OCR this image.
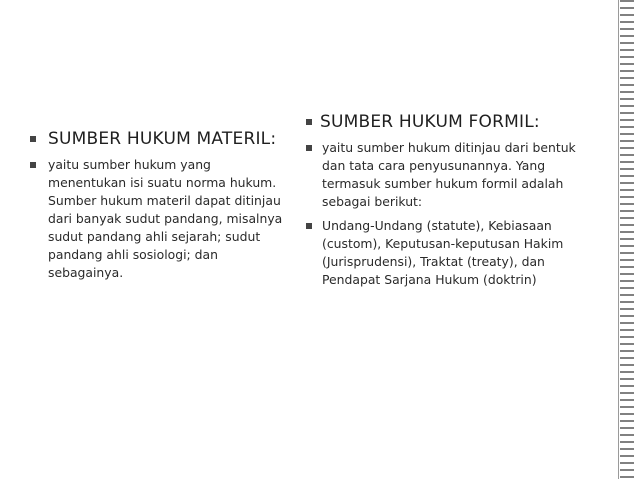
SUMBER HUKUM MATERIL:
yaitu sumber hukum yang menentukan isi suatu norma hukum. Sumber hukum materil dapat ditinjau dari banyak sudut pandang, misalnya sudut pandang ahli sejarah; sudut pandang ahli sosiologi; dan sebagainya.
SUMBER HUKUM FORMIL:
yaitu sumber hukum ditinjau dari bentuk dan tata cara penyusunannya. Yang termasuk sumber hukum formil adalah sebagai berikut:
Undang-Undang (statute), Kebiasaan (custom), Keputusan-keputusan Hakim (Jurisprudensi), Traktat (treaty), dan Pendapat Sarjana Hukum (doktrin)
